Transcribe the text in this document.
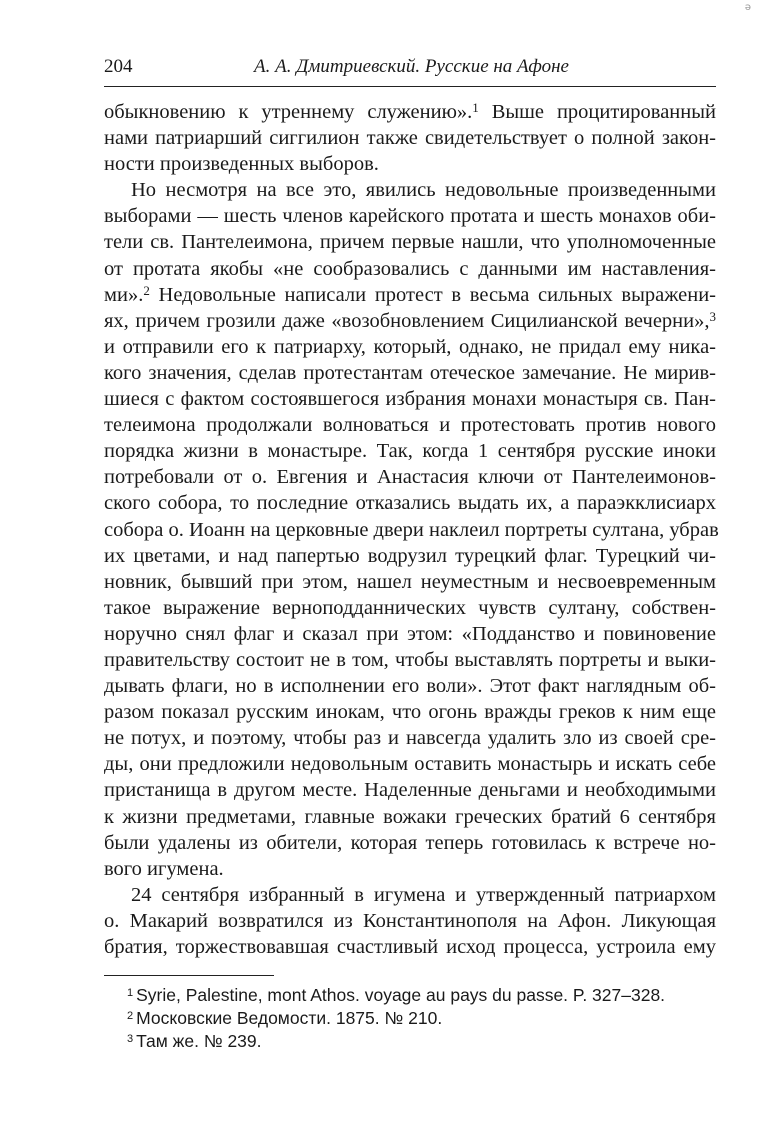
ә
204	А. А. Дмитриевский. Русские на Афоне
обыкновению к утреннему служению».$^1$ Выше процитированный
нами патриарший сиггилион также свидетельствует о полной закон-
ности произведенных выборов.
Но несмотря на все это, явились недовольные произведенными
выборами — шесть членов карейского протата и шесть монахов оби-
тели св. Пантелеимона, причем первые нашли, что уполномоченные
от протата якобы «не сообразовались с данными им наставления-
ми».$^2$ Недовольные написали протест в весьма сильных выражени-
ях, причем грозили даже «возобновлением Сицилианской вечерни»,$^3$
и отправили его к патриарху, который, однако, не придал ему ника-
кого значения, сделав протестантам отеческое замечание. Не мирив-
шиеся с фактом состоявшегося избрания монахи монастыря св. Пан-
телеимона продолжали волноваться и протестовать против нового
порядка жизни в монастыре. Так, когда 1 сентября русские иноки
потребовали от о. Евгения и Анастасия ключи от Пантелеимонов-
ского собора, то последние отказались выдать их, а параэкклисиарх
собора о. Иоанн на церковные двери наклеил портреты султана, убрав
их цветами, и над папертью водрузил турецкий флаг. Турецкий чи-
новник, бывший при этом, нашел неуместным и несвоевременным
такое выражение верноподданнических чувств султану, собствен-
норучно снял флаг и сказал при этом: «Подданство и повиновение
правительству состоит не в том, чтобы выставлять портреты и выки-
дывать флаги, но в исполнении его воли». Этот факт наглядным об-
разом показал русским инокам, что огонь вражды греков к ним еще
не потух, и поэтому, чтобы раз и навсегда удалить зло из своей сре-
ды, они предложили недовольным оставить монастырь и искать себе
пристанища в другом месте. Наделенные деньгами и необходимыми
к жизни предметами, главные вожаки греческих братий 6 сентября
были удалены из обители, которая теперь готовилась к встрече но-
вого игумена.
24 сентября избранный в игумена и утвержденный патриархом
о. Макарий возвратился из Константинополя на Афон. Ликующая
братия, торжествовавшая счастливый исход процесса, устроила ему
$^1$ Syrie, Palestine, mont Athos. voyage au pays du passe. P. 327–328.
$^2$ Московские Ведомости. 1875. № 210.
$^3$ Там же. № 239.
